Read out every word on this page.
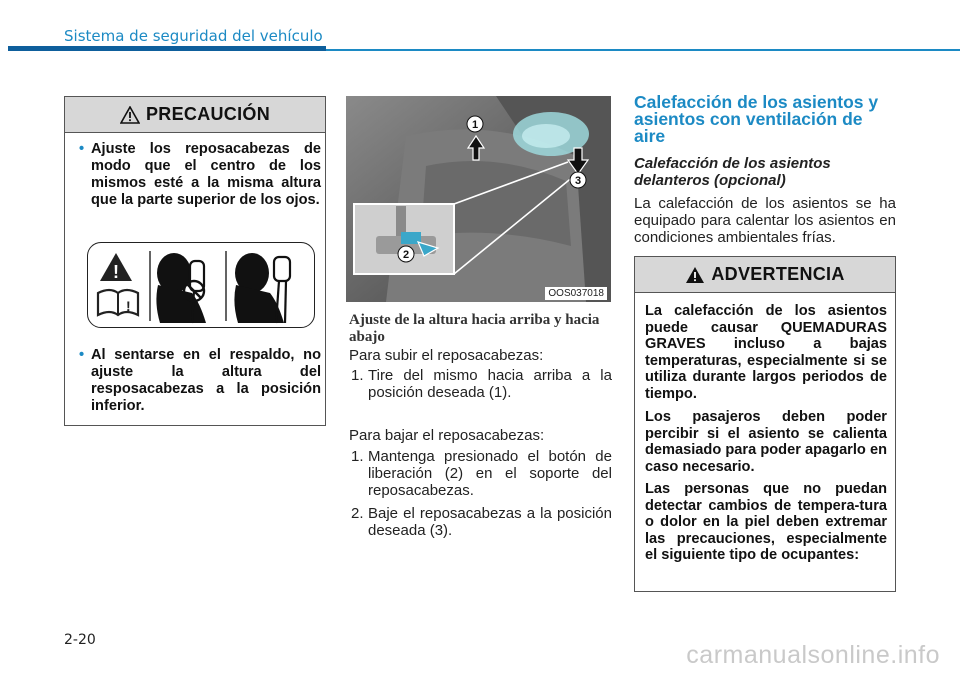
Sistema de seguridad del vehículo
PRECAUCIÓN
• Ajuste los reposacabezas de modo que el centro de los mismos esté a la misma altura que la parte superior de los ojos.
!
!
• Al sentarse en el respaldo, no ajuste la altura del resposacabezas a la posición inferior.
1
3
2
OOS037018
Ajuste de la altura hacia arriba y hacia abajo
Para subir el reposacabezas:
1. Tire del mismo hacia arriba a la posición deseada (1).
Para bajar el reposacabezas:
1. Mantenga presionado el botón de liberación (2) en el soporte del reposacabezas.
2. Baje el reposacabezas a la posición deseada (3).
Calefacción de los asientos y asientos con ventilación de aire
Calefacción de los asientos delanteros (opcional)
La calefacción de los asientos se ha equipado para calentar los asientos en condiciones ambientales frías.
ADVERTENCIA
La calefacción de los asientos puede causar QUEMADURAS GRAVES incluso a bajas temperaturas, especialmente si se utiliza durante largos periodos de tiempo.
Los pasajeros deben poder percibir si el asiento se calienta demasiado para poder apagarlo en caso necesario.
Las personas que no puedan detectar cambios de tempera-tura o dolor en la piel deben extremar las precauciones, especialmente el siguiente tipo de ocupantes:
2-20
carmanualsonline.info
